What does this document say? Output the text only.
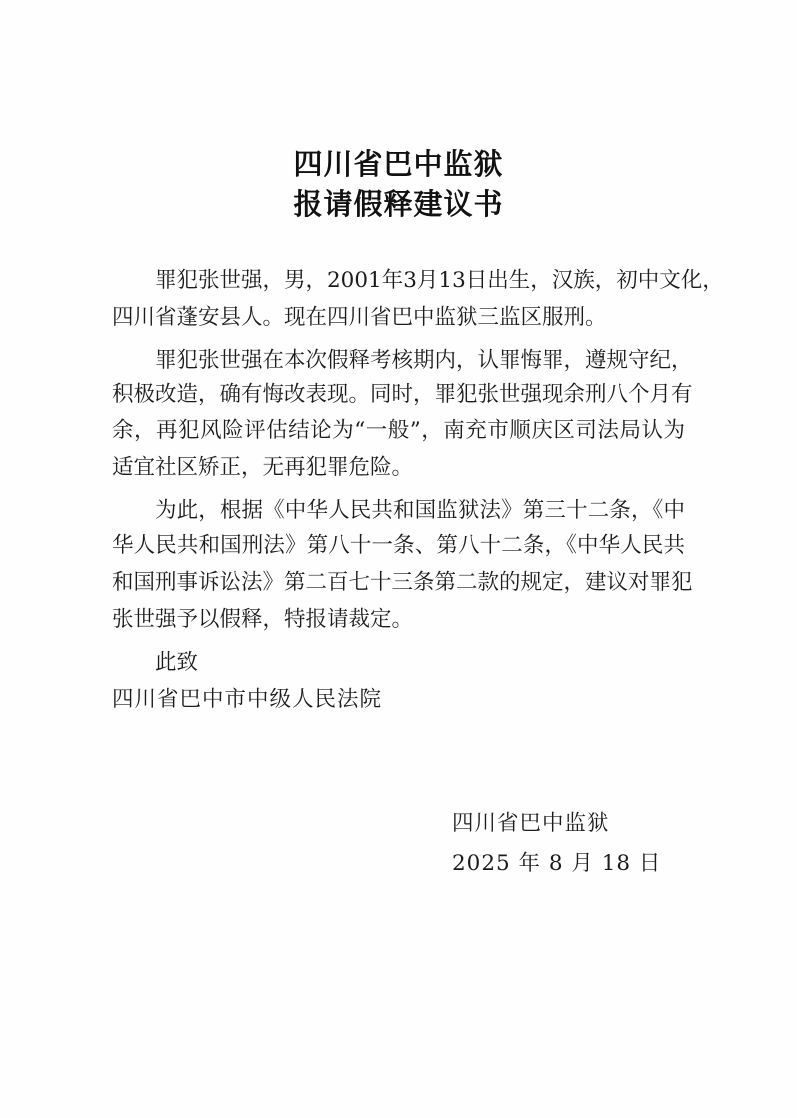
四川省巴中监狱
报请假释建议书
罪犯张世强，男，2001年3月13日出生，汉族，初中文化，
四川省蓬安县人。现在四川省巴中监狱三监区服刑。
罪犯张世强在本次假释考核期内，认罪悔罪，遵规守纪，
积极改造，确有悔改表现。同时，罪犯张世强现余刑八个月有
余，再犯风险评估结论为“一般”，南充市顺庆区司法局认为
适宜社区矫正，无再犯罪危险。
为此，根据《中华人民共和国监狱法》第三十二条，《中
华人民共和国刑法》第八十一条、第八十二条，《中华人民共
和国刑事诉讼法》第二百七十三条第二款的规定，建议对罪犯
张世强予以假释，特报请裁定。
此致
四川省巴中市中级人民法院
四川省巴中监狱
2025 年 8 月 18 日
